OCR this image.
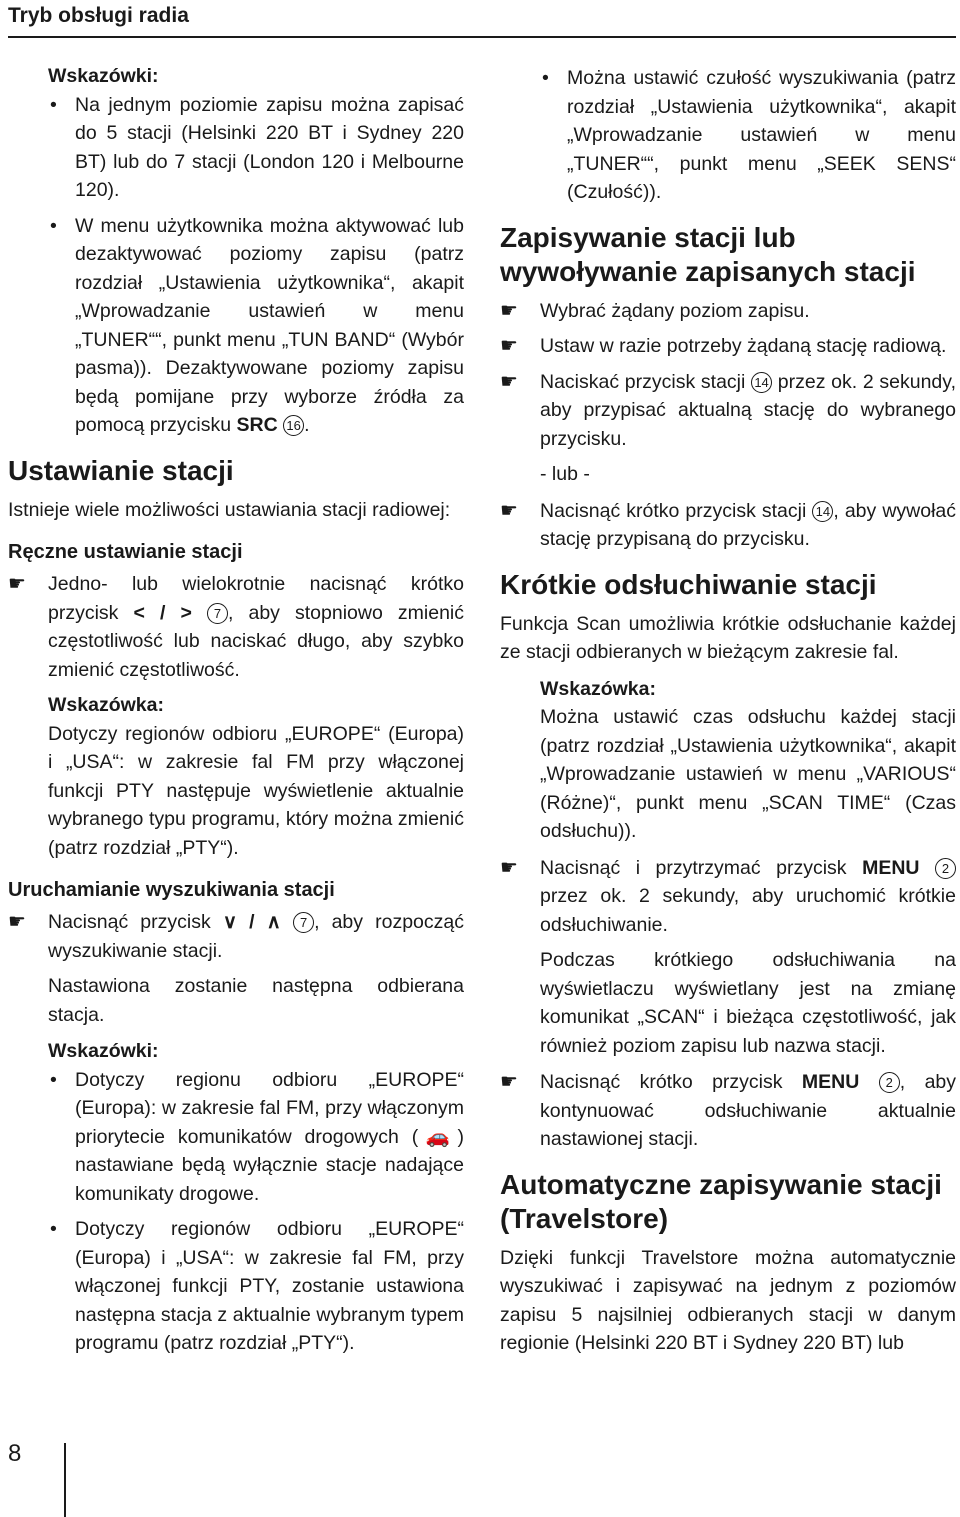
Tryb obsługi radia

Wskazówki:

• Na jednym poziomie zapisu można zapisać do 5 stacji (Helsinki 220 BT i Sydney 220 BT) lub do 7 stacji (London 120 i Melbourne 120).
• W menu użytkownika można aktywować lub dezaktywować poziomy zapisu (patrz rozdział „Ustawienia użytkownika“, akapit „Wprowadzanie ustawień w menu „TUNER““, punkt menu „TUN BAND“ (Wybór pasma)). Dezaktywowane poziomy zapisu będą pomijane przy wyborze źródła za pomocą przycisku SRC 16 .
Ustawianie stacji

Istnieje wiele możliwości ustawiania stacji radiowej:

Ręczne ustawianie stacji
☛ Jedno- lub wielokrotnie nacisnąć krótko przycisk < / > 7 , aby stopniowo zmienić częstotliwość lub naciskać długo, aby szybko zmienić częstotliwość.

Wskazówka:

Dotyczy regionów odbioru „EUROPE“ (Europa) i „USA“: w zakresie fal FM przy włączonej funkcji PTY następuje wyświetlenie aktualnie wybranego typu programu, który można zmienić (patrz rozdział „PTY“).

Uruchamianie wyszukiwania stacji
☛ Nacisnąć przycisk ∨ / ∧ 7 , aby rozpocząć wyszukiwanie stacji.

Nastawiona zostanie następna odbierana stacja.

Wskazówki:

• Dotyczy regionu odbioru „EUROPE“ (Europa): w zakresie fal FM, przy włączonym priorytecie komunikatów drogowych (🚗) nastawiane będą wyłącznie stacje nadające komunikaty drogowe.
• Dotyczy regionów odbioru „EUROPE“ (Europa) i „USA“: w zakresie fal FM, przy włączonej funkcji PTY, zostanie ustawiona następna stacja z aktualnie wybranym typem programu (patrz rozdział „PTY“).
• Można ustawić czułość wyszukiwania (patrz rozdział „Ustawienia użytkownika“, akapit „Wprowadzanie ustawień w menu „TUNER““, punkt menu „SEEK SENS“ (Czułość)).
Zapisywanie stacji lub wywoływanie zapisanych stacji
☛ Wybrać żądany poziom zapisu.
☛ Ustaw w razie potrzeby żądaną stację radiową.
☛ Naciskać przycisk stacji 14 przez ok. 2 sekundy, aby przypisać aktualną stację do wybranego przycisku.

- lub -

☛ Nacisnąć krótko przycisk stacji 14 , aby wywołać stację przypisaną do przycisku.
Krótkie odsłuchiwanie stacji

Funkcja Scan umożliwia krótkie odsłuchanie każdej ze stacji odbieranych w bieżącym zakresie fal.

Wskazówka:

Można ustawić czas odsłuchu każdej stacji (patrz rozdział „Ustawienia użytkownika“, akapit „Wprowadzanie ustawień w menu „VARIOUS“ (Różne)“, punkt menu „SCAN TIME“ (Czas odsłuchu)).

☛ Nacisnąć i przytrzymać przycisk MENU 2 przez ok. 2 sekundy, aby uruchomić krótkie odsłuchiwanie.

Podczas krótkiego odsłuchiwania na wyświetlaczu wyświetlany jest na zmianę komunikat „SCAN“ i bieżąca częstotliwość, jak również poziom zapisu lub nazwa stacji.

☛ Nacisnąć krótko przycisk MENU 2 , aby kontynuować odsłuchiwanie aktualnie nastawionej stacji.
Automatyczne zapisywanie stacji (Travelstore)

Dzięki funkcji Travelstore można automatycznie wyszukiwać i zapisywać na jednym z poziomów zapisu 5 najsilniej odbieranych stacji w danym regionie (Helsinki 220 BT i Sydney 220 BT) lub

8
